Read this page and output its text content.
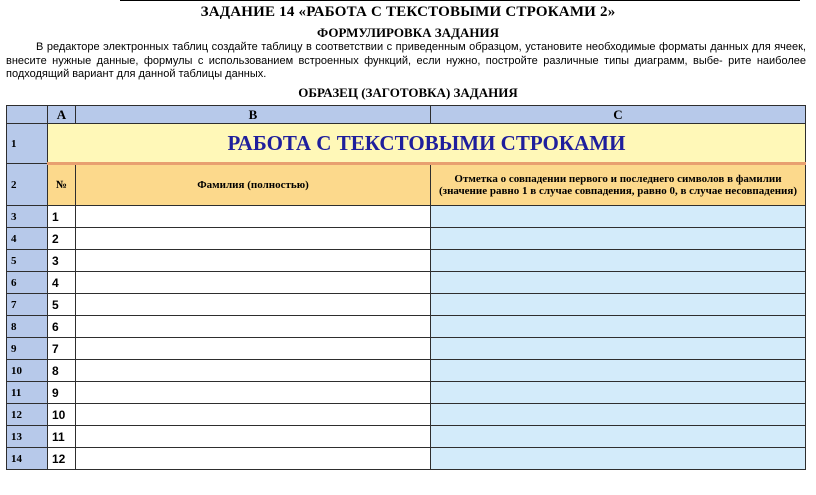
ЗАДАНИЕ 14 «РАБОТА С ТЕКСТОВЫМИ СТРОКАМИ 2»
ФОРМУЛИРОВКА ЗАДАНИЯ
В редакторе электронных таблиц создайте таблицу в соответствии с приведенным образцом, установите необходимые форматы данных для ячеек, внесите нужные данные, формулы с использованием встроенных функций, если нужно, постройте различные типы диаграмм, выбе- рите наиболее подходящий вариант для данной таблицы данных.
ОБРАЗЕЦ (ЗАГОТОВКА) ЗАДАНИЯ
	A	B	C
1	РАБОТА С ТЕКСТОВЫМИ СТРОКАМИ		
2	№	Фамилия (полностью)	Отметка о совпадении первого и последнего символов в фамилии (значение равно 1 в случае совпадения, равно 0, в случае несовпадения)
3	1		
4	2		
5	3		
6	4		
7	5		
8	6		
9	7		
10	8		
11	9		
12	10		
13	11		
14	12		
